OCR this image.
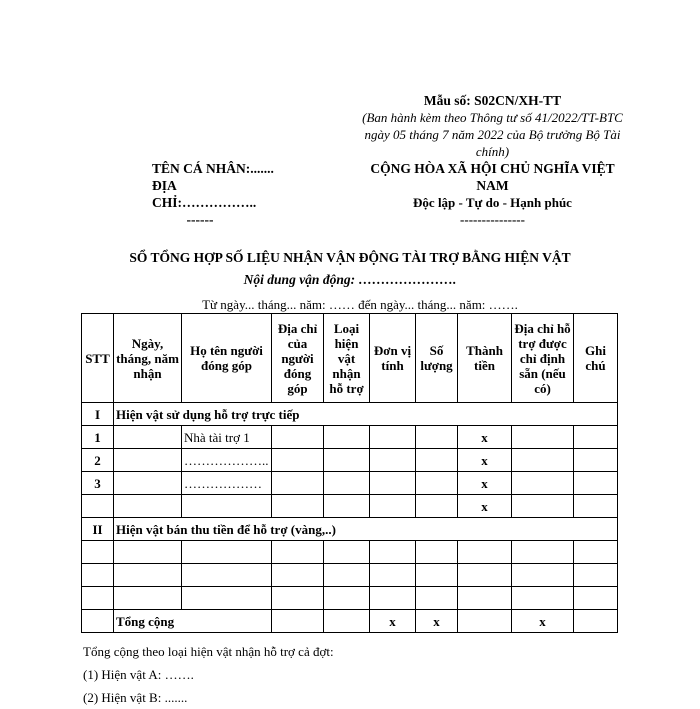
Mẫu số: S02CN/XH-TT
(Ban hành kèm theo Thông tư số 41/2022/TT-BTC ngày 05 tháng 7 năm 2022 của Bộ trưởng Bộ Tài chính)
TÊN CÁ NHÂN:.......
ĐỊA CHỈ:……………..
------
CỘNG HÒA XÃ HỘI CHỦ NGHĨA VIỆT NAM
Độc lập - Tự do - Hạnh phúc
---------------
SỔ TỔNG HỢP SỐ LIỆU NHẬN VẬN ĐỘNG TÀI TRỢ BẰNG HIỆN VẬT
Nội dung vận động: ………………….
Từ ngày... tháng... năm: …… đến ngày... tháng... năm: …….
STT	Ngày, tháng, năm nhận	Họ tên người đóng góp	Địa chỉ của người đóng góp	Loại hiện vật nhận hỗ trợ	Đơn vị tính	Số lượng	Thành tiền	Địa chỉ hỗ trợ được chỉ định sẵn (nếu có)	Ghi chú
I	Hiện vật sử dụng hỗ trợ trực tiếp								
1		Nhà tài trợ 1					x		
2		………………..					x		
3		………………					x		
							x		
II	Hiện vật bán thu tiền để hỗ trợ (vàng,..)								

	Tổng cộng				x	x		x	
Tổng cộng theo loại hiện vật nhận hỗ trợ cả đợt:
(1) Hiện vật A: …….
(2) Hiện vật B: .......
